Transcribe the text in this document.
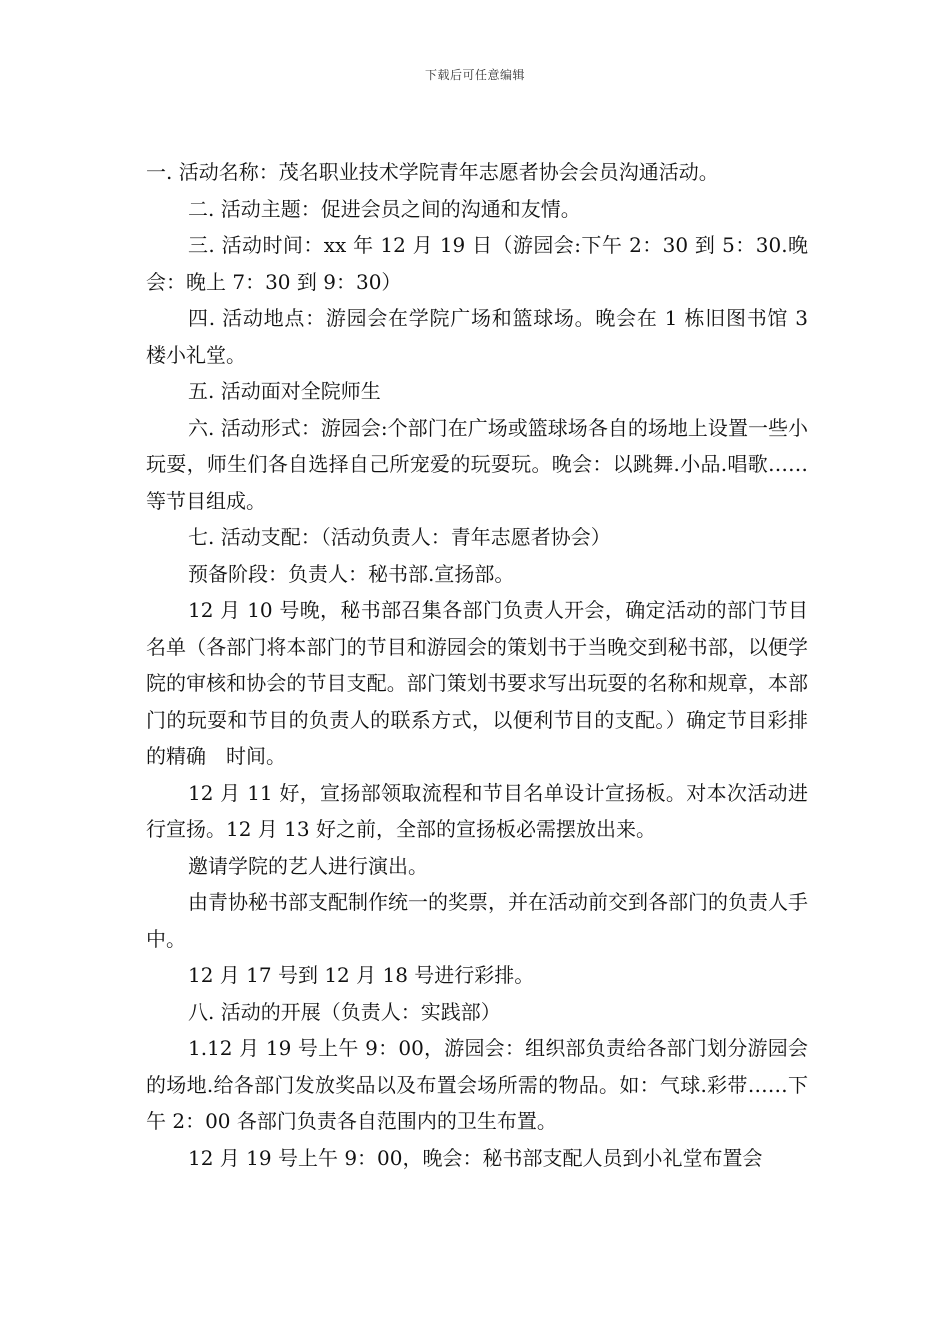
下载后可任意编辑

一. 活动名称：茂名职业技术学院青年志愿者协会会员沟通活动。

二. 活动主题：促进会员之间的沟通和友情。

三. 活动时间：xx 年 12 月 19 日（游园会:下午 2：30 到 5：30.晚会：晚上 7：30 到 9：30）

四. 活动地点：游园会在学院广场和篮球场。晚会在 1 栋旧图书馆 3 楼小礼堂。

五. 活动面对全院师生

六. 活动形式：游园会:个部门在广场或篮球场各自的场地上设置一些小玩耍，师生们各自选择自己所宠爱的玩耍玩。晚会：以跳舞.小品.唱歌……等节目组成。

七. 活动支配：（活动负责人：青年志愿者协会）

预备阶段：负责人：秘书部.宣扬部。

12 月 10 号晚，秘书部召集各部门负责人开会，确定活动的部门节目名单（各部门将本部门的节目和游园会的策划书于当晚交到秘书部，以便学院的审核和协会的节目支配。部门策划书要求写出玩耍的名称和规章，本部门的玩耍和节目的负责人的联系方式，以便利节目的支配。）确定节目彩排的精确　时间。

12 月 11 好，宣扬部领取流程和节目名单设计宣扬板。对本次活动进行宣扬。12 月 13 好之前，全部的宣扬板必需摆放出来。

邀请学院的艺人进行演出。

由青协秘书部支配制作统一的奖票，并在活动前交到各部门的负责人手中。

12 月 17 号到 12 月 18 号进行彩排。

八. 活动的开展（负责人：实践部）

1.12 月 19 号上午 9：00，游园会：组织部负责给各部门划分游园会的场地.给各部门发放奖品以及布置会场所需的物品。如：气球.彩带……下午 2：00 各部门负责各自范围内的卫生布置。

12 月 19 号上午 9：00，晚会：秘书部支配人员到小礼堂布置会
